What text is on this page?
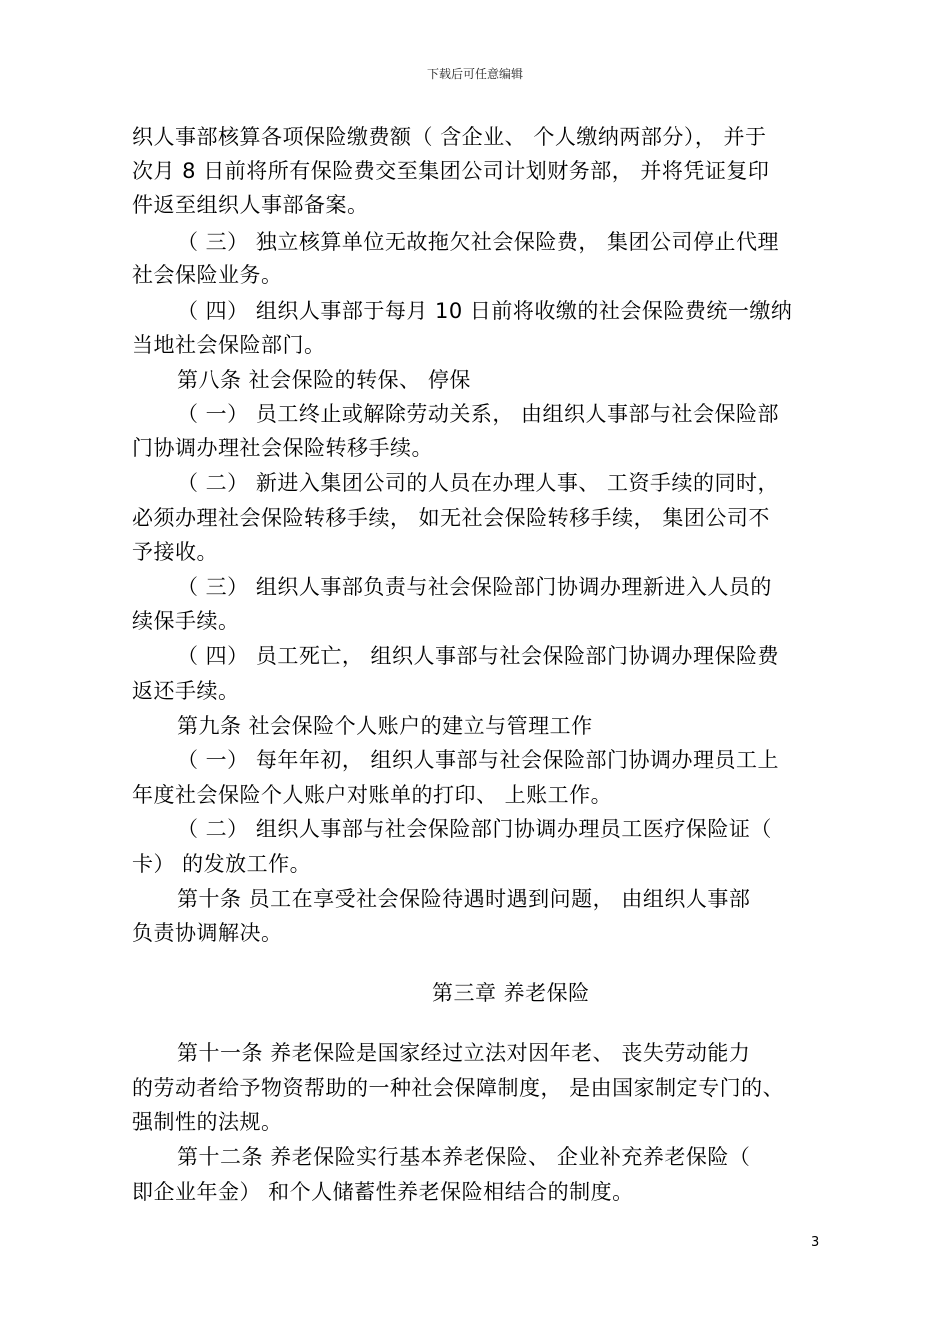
下载后可任意编辑
织人事部核算各项保险缴费额（ 含企业、 个人缴纳两部分）， 并于
次月 8 日前将所有保险费交至集团公司计划财务部， 并将凭证复印
件返至组织人事部备案。
（ 三） 独立核算单位无故拖欠社会保险费， 集团公司停止代理
社会保险业务。
（ 四） 组织人事部于每月 10 日前将收缴的社会保险费统一缴纳
当地社会保险部门。
第八条 社会保险的转保、 停保
（ 一） 员工终止或解除劳动关系， 由组织人事部与社会保险部
门协调办理社会保险转移手续。
（ 二） 新进入集团公司的人员在办理人事、 工资手续的同时，
必须办理社会保险转移手续， 如无社会保险转移手续， 集团公司不
予接收。
（ 三） 组织人事部负责与社会保险部门协调办理新进入人员的
续保手续。
（ 四） 员工死亡， 组织人事部与社会保险部门协调办理保险费
返还手续。
第九条 社会保险个人账户的建立与管理工作
（ 一） 每年年初， 组织人事部与社会保险部门协调办理员工上
年度社会保险个人账户对账单的打印、 上账工作。
（ 二） 组织人事部与社会保险部门协调办理员工医疗保险证（
卡） 的发放工作。
第十条 员工在享受社会保险待遇时遇到问题， 由组织人事部
负责协调解决。
第三章 养老保险
第十一条 养老保险是国家经过立法对因年老、 丧失劳动能力
的劳动者给予物资帮助的一种社会保障制度， 是由国家制定专门的、
强制性的法规。
第十二条 养老保险实行基本养老保险、 企业补充养老保险（
即企业年金） 和个人储蓄性养老保险相结合的制度。
3
